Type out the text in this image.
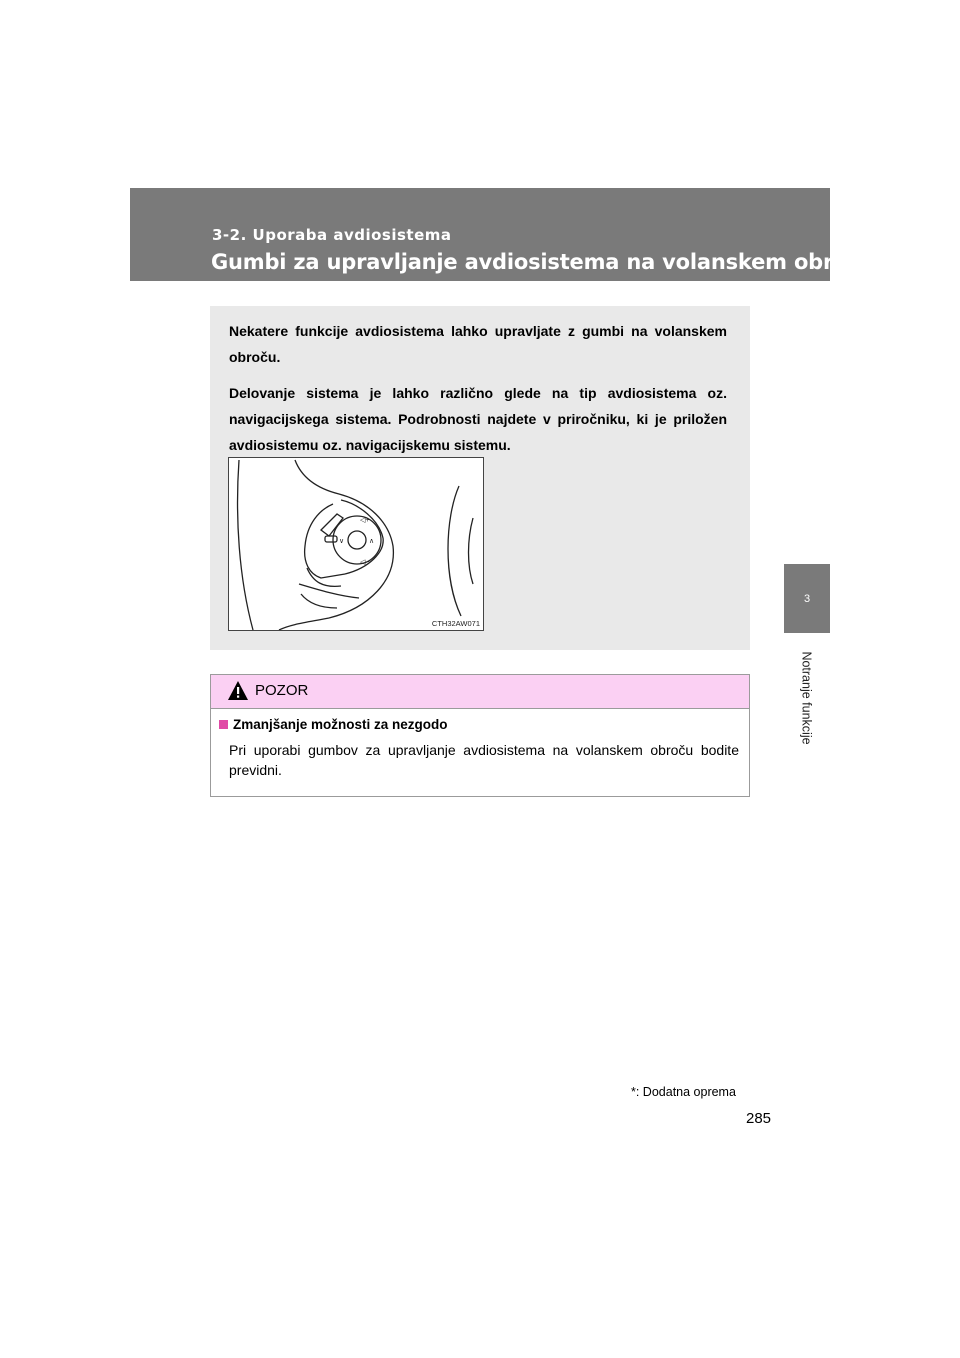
3-2. Uporaba avdiosistema
Gumbi za upravljanje avdiosistema na volanskem obroču*
3
Notranje funkcije

Nekatere funkcije avdiosistema lahko upravljate z gumbi na volanskem obroču.

Delovanje sistema je lahko različno glede na tip avdiosistema oz. navigacijskega sistema. Podrobnosti najdete v priročniku, ki je priložen avdiosistemu oz. navigacijskemu sistemu.

◁+
◁−
∨	∧
CTH32AW071
POZOR
Zmanjšanje možnosti za nezgodo
Pri uporabi gumbov za upravljanje avdiosistema na volanskem obroču bodite previdni.
*: Dodatna oprema
285
